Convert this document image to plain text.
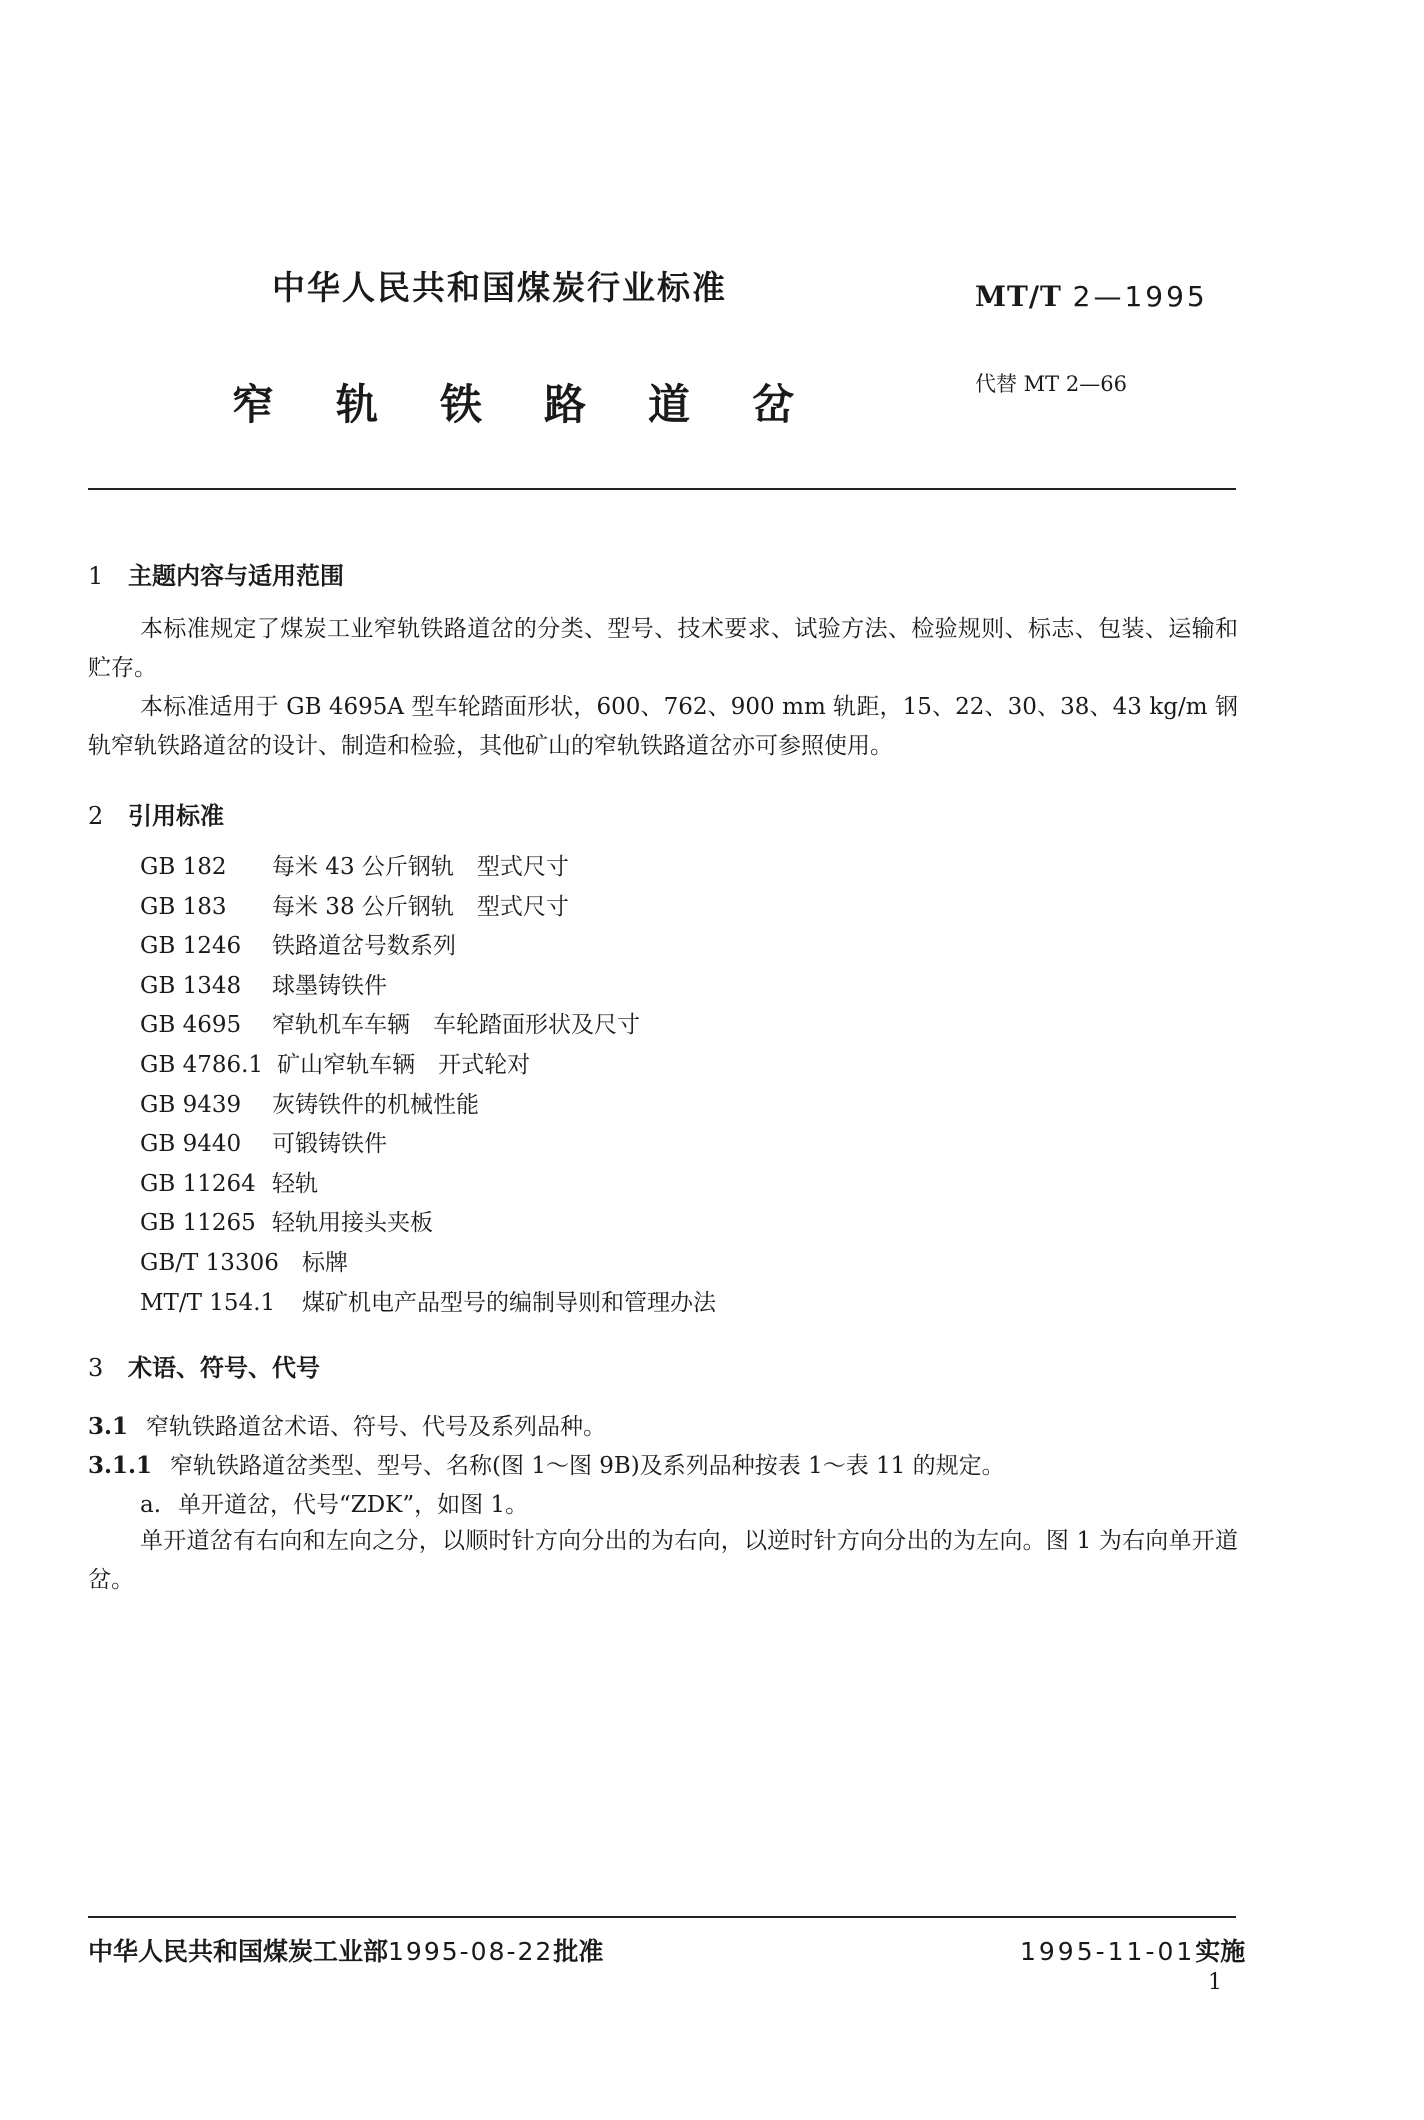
中华人民共和国煤炭行业标准	MT/T 2—1995
窄轨铁路道岔	代替 MT 2—66
1 主题内容与适用范围
本标准规定了煤炭工业窄轨铁路道岔的分类、型号、技术要求、试验方法、检验规则、标志、包装、运输和贮存。
本标准适用于 GB 4695A 型车轮踏面形状，600、762、900 mm 轨距，15、22、30、38、43 kg/m 钢轨窄轨铁路道岔的设计、制造和检验，其他矿山的窄轨铁路道岔亦可参照使用。
2 引用标准
GB 182 每米 43 公斤钢轨　型式尺寸
GB 183 每米 38 公斤钢轨　型式尺寸
GB 1246 铁路道岔号数系列
GB 1348 球墨铸铁件
GB 4695 窄轨机车车辆　车轮踏面形状及尺寸
GB 4786.1 矿山窄轨车辆　开式轮对
GB 9439 灰铸铁件的机械性能
GB 9440 可锻铸铁件
GB 11264 轻轨
GB 11265 轻轨用接头夹板
GB/T 13306 标牌
MT/T 154.1 煤矿机电产品型号的编制导则和管理办法
3 术语、符号、代号
3.1 窄轨铁路道岔术语、符号、代号及系列品种。
3.1.1 窄轨铁路道岔类型、型号、名称(图 1～图 9B)及系列品种按表 1～表 11 的规定。
a. 单开道岔，代号“ZDK”，如图 1。
单开道岔有右向和左向之分，以顺时针方向分出的为右向，以逆时针方向分出的为左向。图 1 为右向单开道岔。
中华人民共和国煤炭工业部1995-08-22批准	1995-11-01实施
1
